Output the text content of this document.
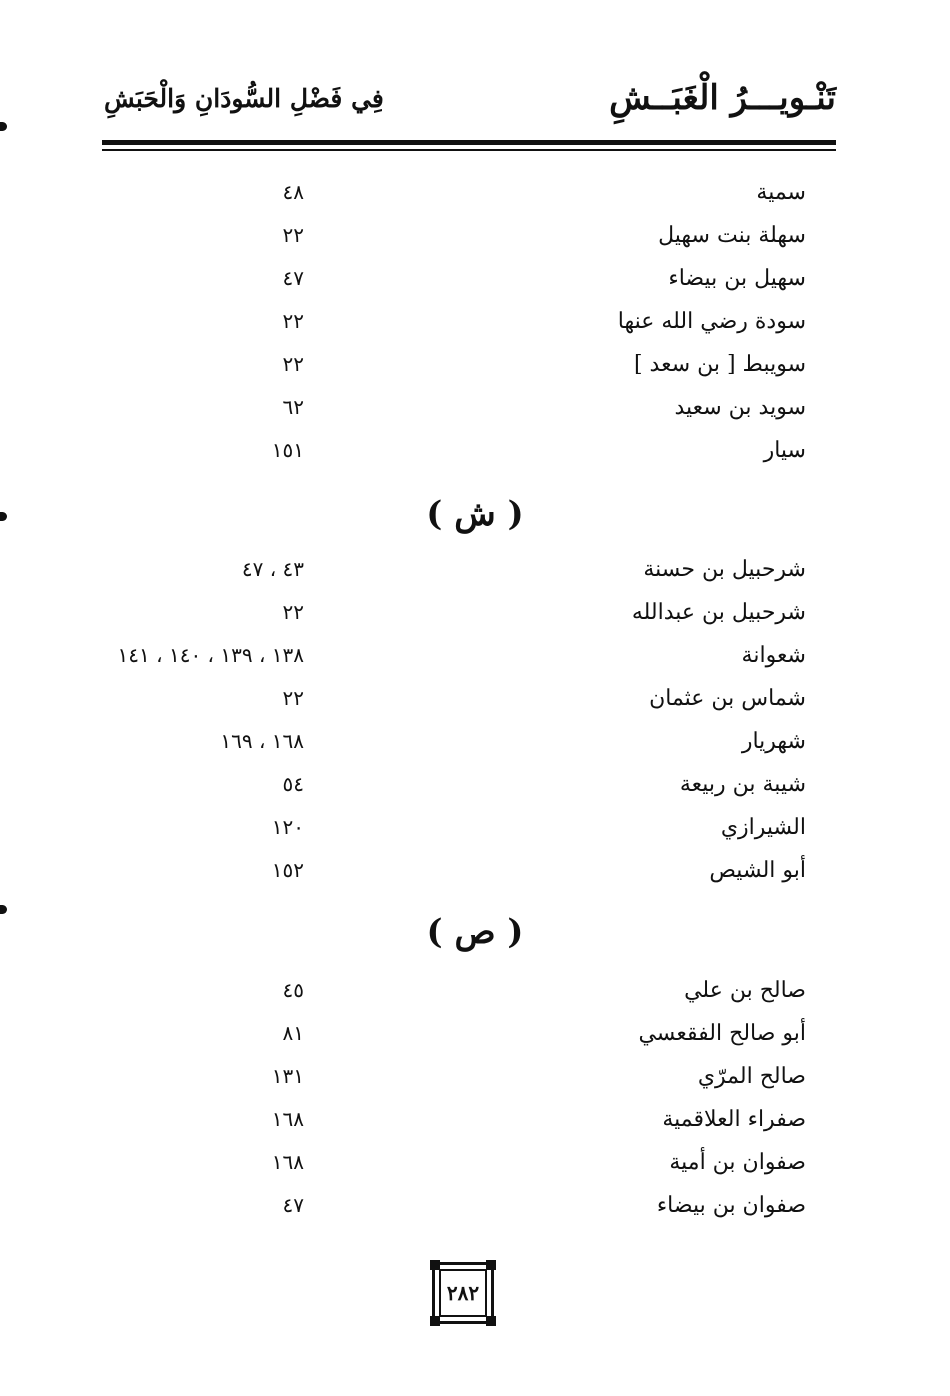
تَنْـويـــرُ الْغَبَــشِ
فِي فَضْلِ السُّودَانِ وَالْحَبَشِ
سمية
٤٨
سهلة بنت سهيل
٢٢
سهيل بن بيضاء
٤٧
سودة رضي الله عنها
٢٢
سويبط [ بن سعد ]
٢٢
سويد بن سعيد
٦٢
سيار
١٥١
( ش )
شرحبيل بن حسنة
٤٣ ، ٤٧
شرحبيل بن عبدالله
٢٢
شعوانة
١٣٨ ، ١٣٩ ، ١٤٠ ، ١٤١
شماس بن عثمان
٢٢
شهريار
١٦٨ ، ١٦٩
شيبة بن ربيعة
٥٤
الشيرازي
١٢٠
أبو الشيص
١٥٢
( ص )
صالح بن علي
٤٥
أبو صالح الفقعسي
٨١
صالح المرّي
١٣١
صفراء العلاقمية
١٦٨
صفوان بن أمية
١٦٨
صفوان بن بيضاء
٤٧
٢٨٢
